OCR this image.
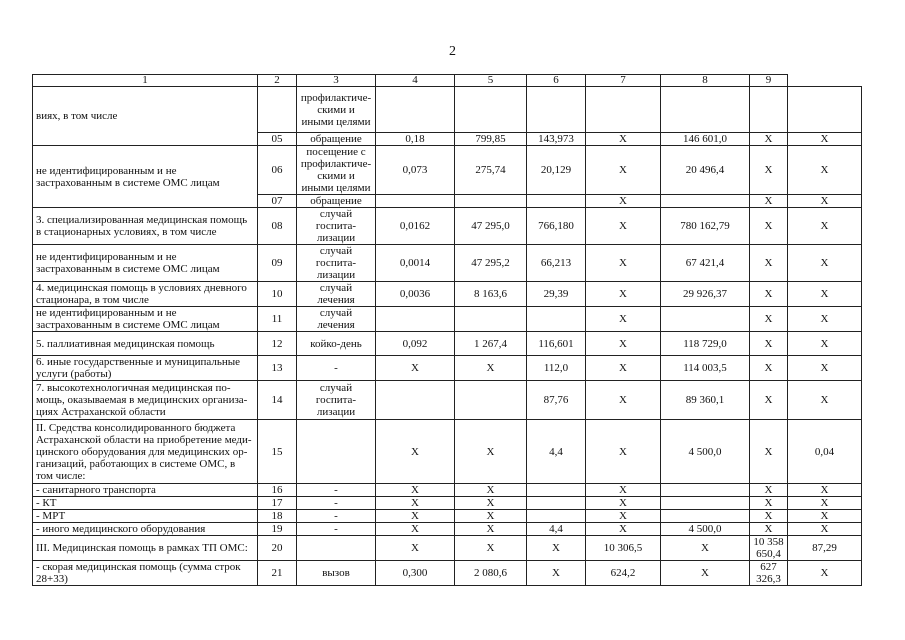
2
1	2	3	4	5	6	7	8	9	
виях, в том числе		профилактиче-скими и иными целями							
	05	обращение	0,18	799,85	143,973	X	146 601,0	X	X
не идентифицированным и не застрахованным в системе ОМС лицам	06	посещение с профилактиче-скими и иными целями	0,073	275,74	20,129	X	20 496,4	X	X
	07	обращение				X		X	X
3. специализированная медицинская помощь в стационарных условиях, в том числе	08	случай госпита-лизации	0,0162	47 295,0	766,180	X	780 162,79	X	X
не идентифицированным и не застрахованным в системе ОМС лицам	09	случай госпита-лизации	0,0014	47 295,2	66,213	X	67 421,4	X	X
4. медицинская помощь в условиях дневного стационара, в том числе	10	случай лечения	0,0036	8 163,6	29,39	X	29 926,37	X	X
не идентифицированным и не застрахованным в системе ОМС лицам	11	случай лечения				X		X	X
5. паллиативная медицинская помощь	12	койко-день	0,092	1 267,4	116,601	X	118 729,0	X	X
6. иные государственные и муниципальные услуги (работы)	13	-	X	X	112,0	X	114 003,5	X	X
7. высокотехнологичная медицинская по-мощь, оказываемая в медицинских организа-циях Астраханской области	14	случай госпита-лизации			87,76	X	89 360,1	X	X
II. Средства консолидированного бюджета Астраханской области на приобретение меди-цинского оборудования для медицинских ор-ганизаций, работающих в системе ОМС, в том числе:	15		X	X	4,4	X	4 500,0	X	0,04
- санитарного транспорта	16	-	X	X		X		X	X
- КТ	17	-	X	X		X		X	X
- МРТ	18	-	X	X		X		X	X
- иного медицинского оборудования	19	-	X	X	4,4	X	4 500,0	X	X
III. Медицинская помощь в рамках ТП ОМС:	20		X	X	X	10 306,5	X	10 358 650,4	87,29
- скорая медицинская помощь (сумма строк 28+33)	21	вызов	0,300	2 080,6	X	624,2	X	627 326,3	X
